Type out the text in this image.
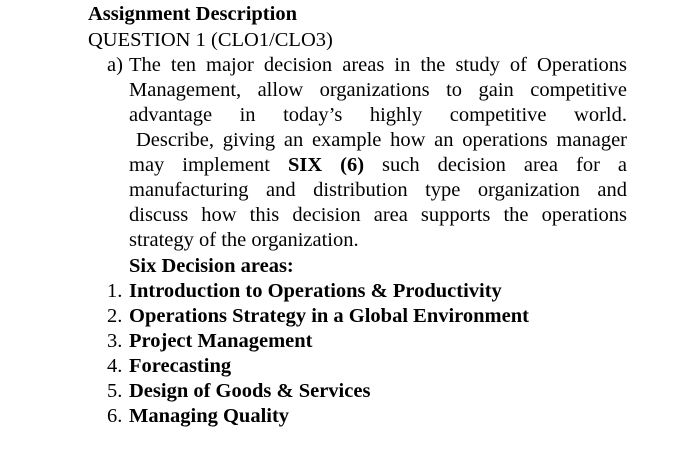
Assignment Description
QUESTION 1 (CLO1/CLO3)
a) The ten major decision areas in the study of Operations
Management, allow organizations to gain competitive
advantage in today’s highly competitive world.
Describe, giving an example how an operations manager
may implement SIX (6) such decision area for a
manufacturing and distribution type organization and
discuss how this decision area supports the operations
strategy of the organization.
Six Decision areas:
1. Introduction to Operations & Productivity
2. Operations Strategy in a Global Environment
3. Project Management
4. Forecasting
5. Design of Goods & Services
6. Managing Quality
